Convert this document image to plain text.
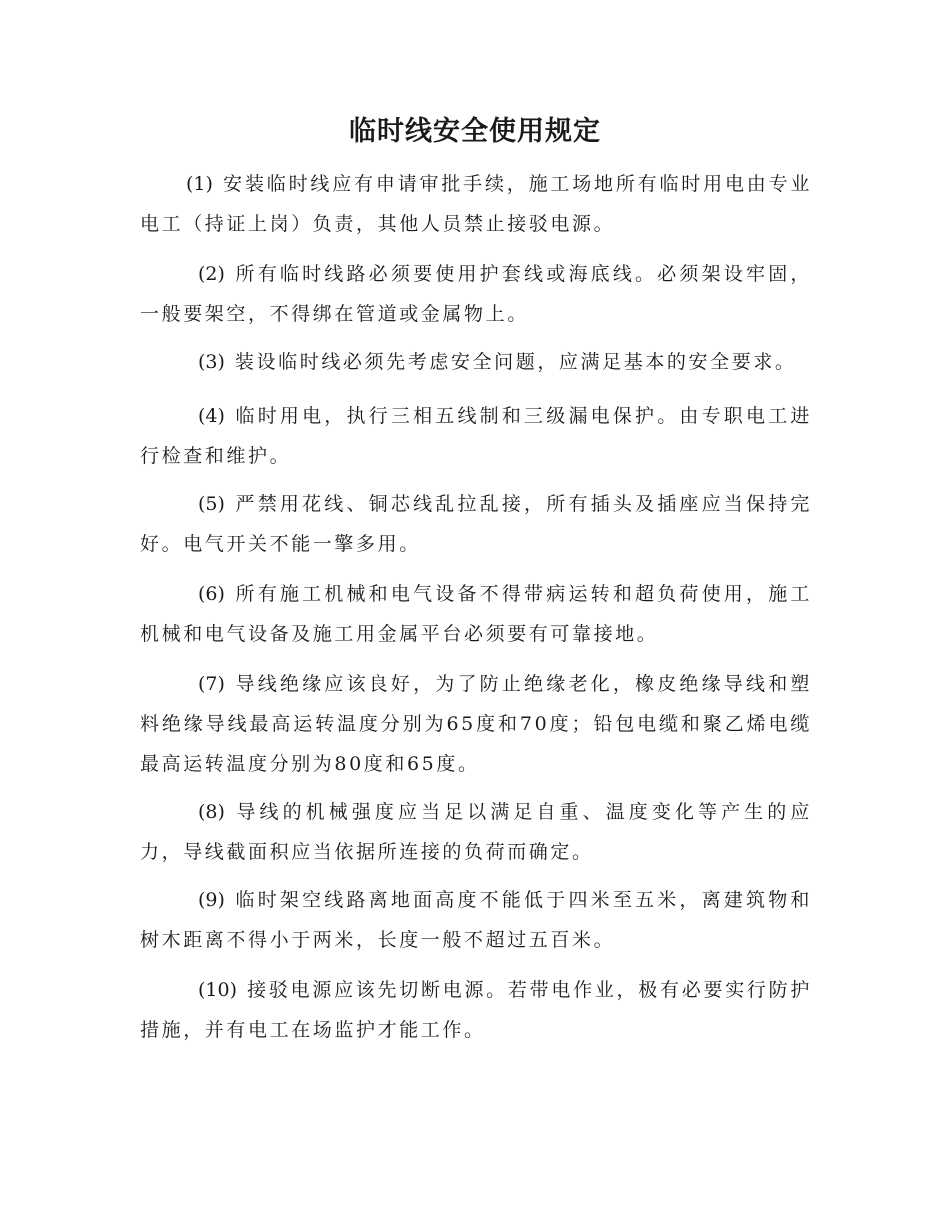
临时线安全使用规定

(1) 安装临时线应有申请审批手续，施工场地所有临时用电由专业电工（持证上岗）负责，其他人员禁止接驳电源。

(2) 所有临时线路必须要使用护套线或海底线。必须架设牢固，一般要架空，不得绑在管道或金属物上。

(3) 装设临时线必须先考虑安全问题，应满足基本的安全要求。

(4) 临时用电，执行三相五线制和三级漏电保护。由专职电工进行检查和维护。

(5) 严禁用花线、铜芯线乱拉乱接，所有插头及插座应当保持完好。电气开关不能一擎多用。

(6) 所有施工机械和电气设备不得带病运转和超负荷使用，施工机械和电气设备及施工用金属平台必须要有可靠接地。

(7) 导线绝缘应该良好，为了防止绝缘老化，橡皮绝缘导线和塑料绝缘导线最高运转温度分别为65度和70度；铅包电缆和聚乙烯电缆最高运转温度分别为80度和65度。

(8) 导线的机械强度应当足以满足自重、温度变化等产生的应力，导线截面积应当依据所连接的负荷而确定。

(9) 临时架空线路离地面高度不能低于四米至五米，离建筑物和树木距离不得小于两米，长度一般不超过五百米。

(10) 接驳电源应该先切断电源。若带电作业，极有必要实行防护措施，并有电工在场监护才能工作。
